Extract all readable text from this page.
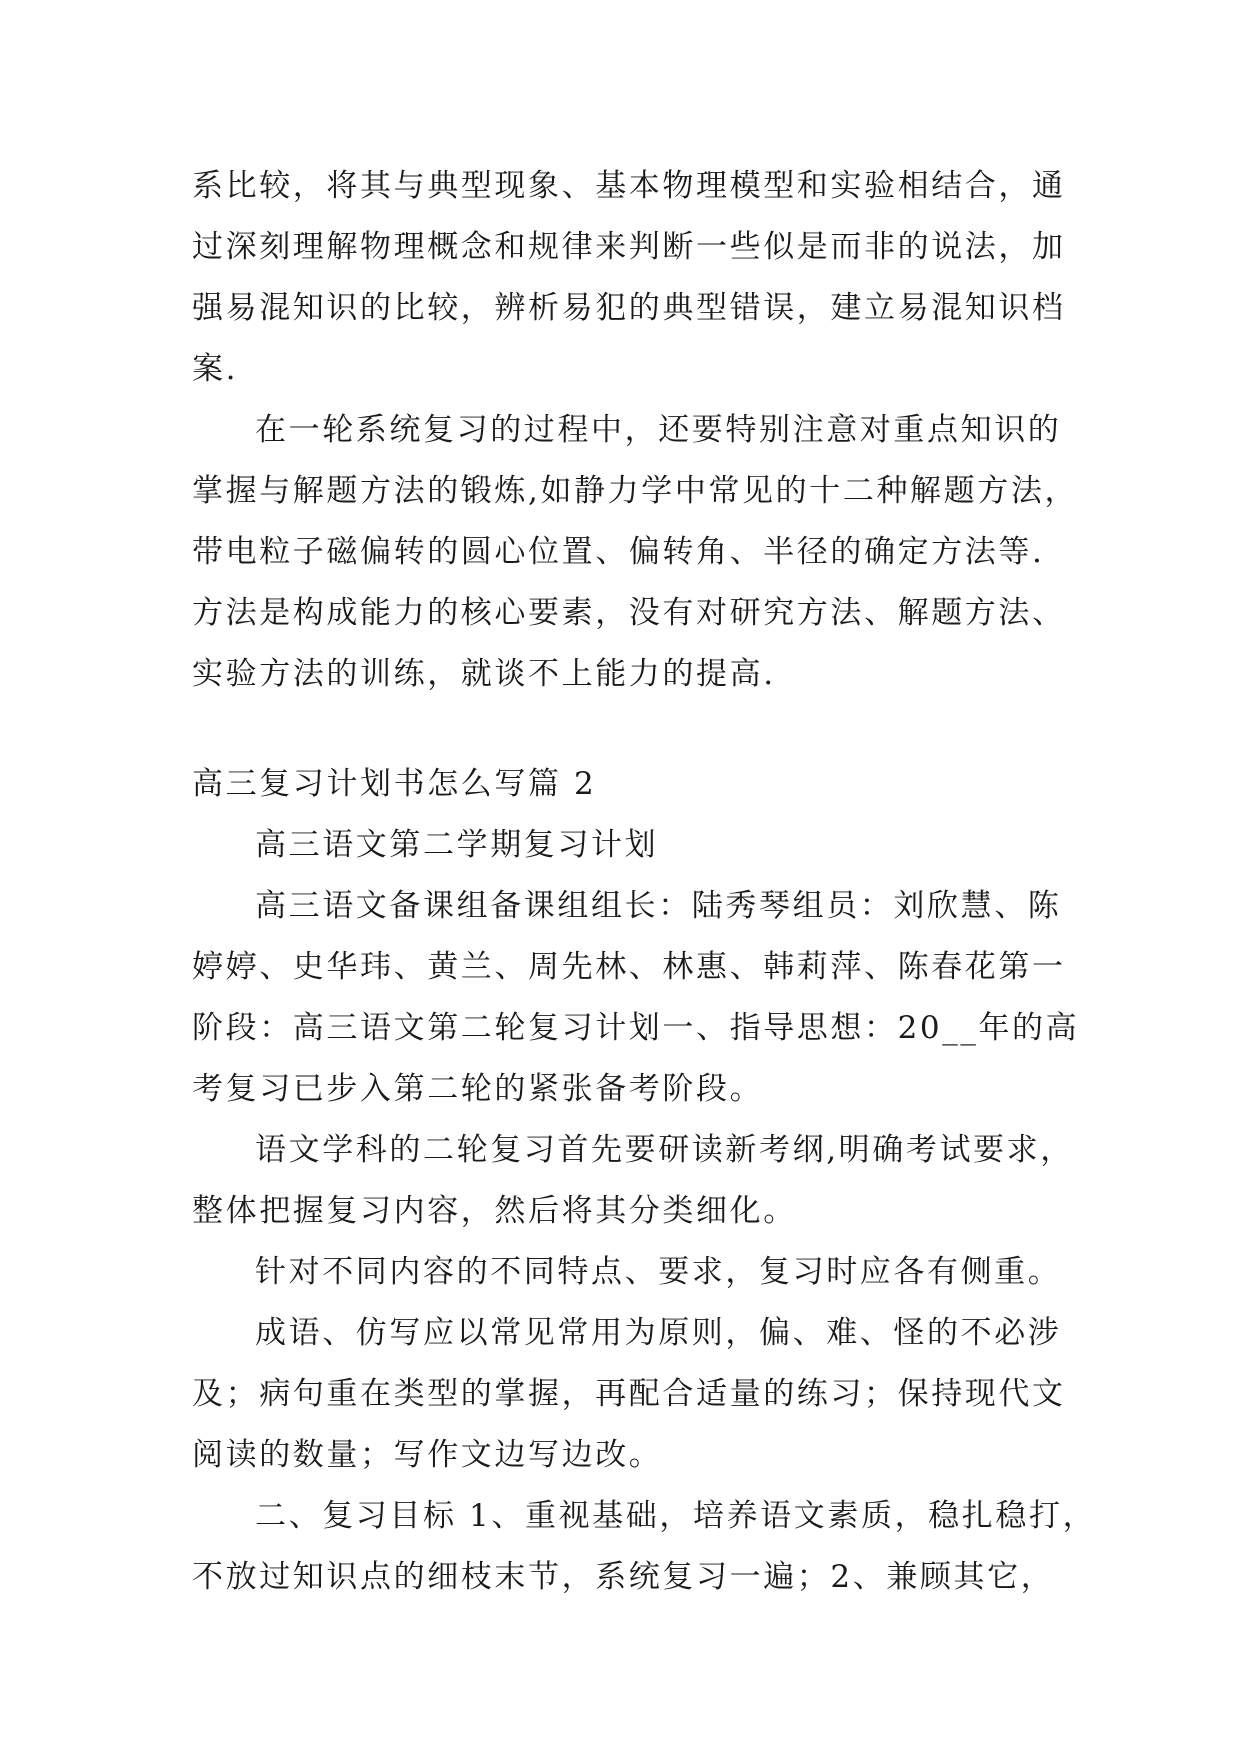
系比较，将其与典型现象、基本物理模型和实验相结合，通
过深刻理解物理概念和规律来判断一些似是而非的说法，加
强易混知识的比较，辨析易犯的典型错误，建立易混知识档
案.
在一轮系统复习的过程中，还要特别注意对重点知识的
掌握与解题方法的锻炼,如静力学中常见的十二种解题方法，
带电粒子磁偏转的圆心位置、偏转角、半径的确定方法等.
方法是构成能力的核心要素，没有对研究方法、解题方法、
实验方法的训练，就谈不上能力的提高.
高三复习计划书怎么写篇 2
高三语文第二学期复习计划
高三语文备课组备课组组长：陆秀琴组员：刘欣慧、陈
婷婷、史华玮、黄兰、周先林、林惠、韩莉萍、陈春花第一
阶段：高三语文第二轮复习计划一、指导思想：20__年的高
考复习已步入第二轮的紧张备考阶段。
语文学科的二轮复习首先要研读新考纲,明确考试要求，
整体把握复习内容，然后将其分类细化。
针对不同内容的不同特点、要求，复习时应各有侧重。
成语、仿写应以常见常用为原则，偏、难、怪的不必涉
及；病句重在类型的掌握，再配合适量的练习；保持现代文
阅读的数量；写作文边写边改。
二、复习目标 1、重视基础，培养语文素质，稳扎稳打，
不放过知识点的细枝末节，系统复习一遍；2、兼顾其它，
